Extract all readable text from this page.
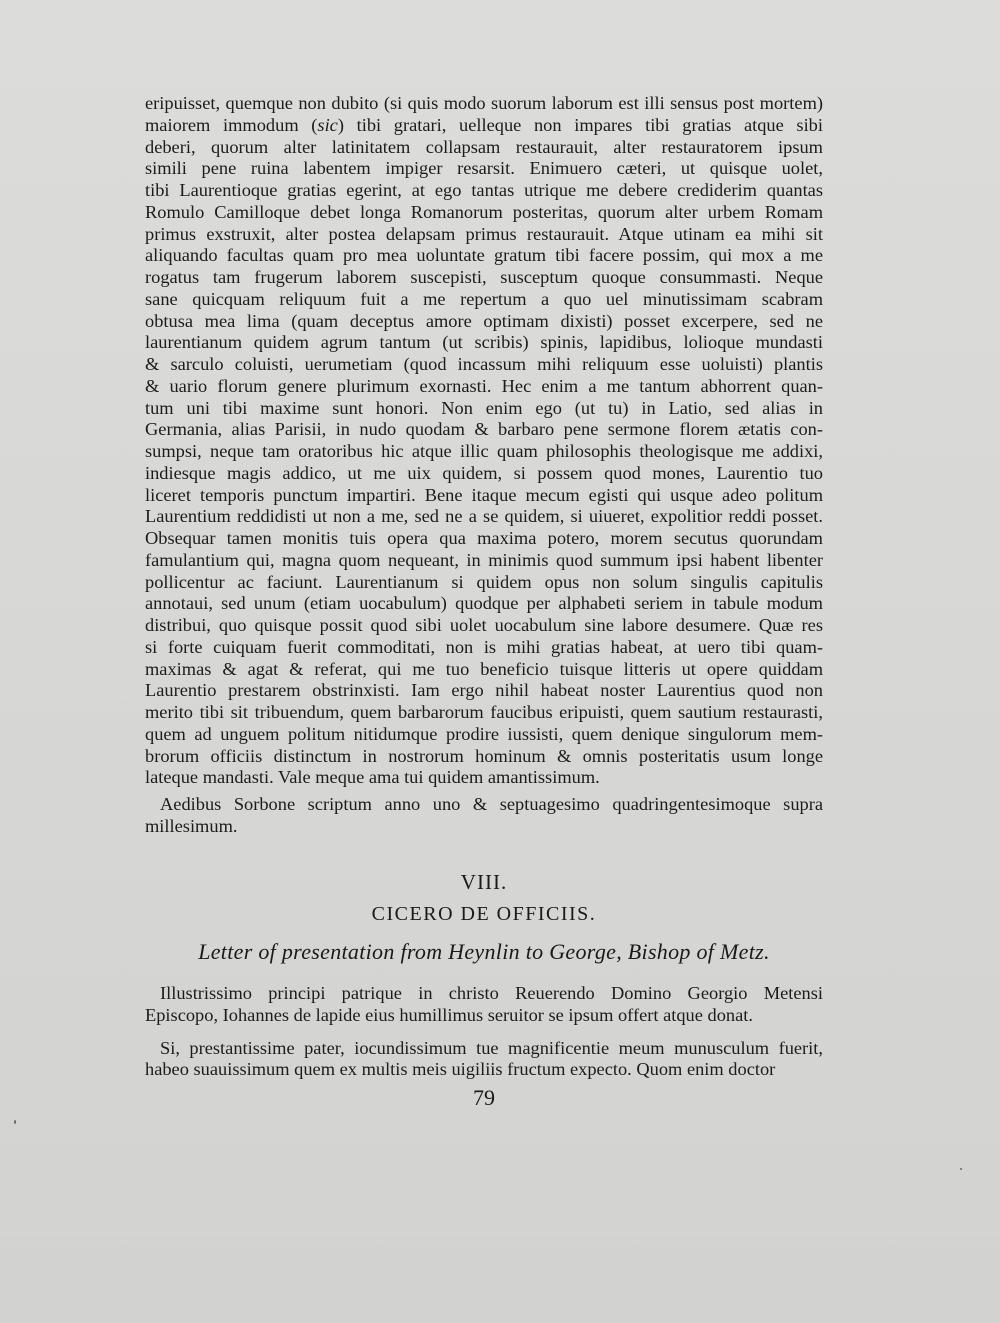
eripuisset, quemque non dubito (si quis modo suorum laborum est illi sensus post mortem)
maiorem immodum (sic) tibi gratari, uelleque non impares tibi gratias atque sibi
deberi, quorum alter latinitatem collapsam restaurauit, alter restauratorem ipsum
simili pene ruina labentem impiger resarsit. Enimuero cæteri, ut quisque uolet,
tibi Laurentioque gratias egerint, at ego tantas utrique me debere crediderim quantas
Romulo Camilloque debet longa Romanorum posteritas, quorum alter urbem Romam
primus exstruxit, alter postea delapsam primus restaurauit. Atque utinam ea mihi sit
aliquando facultas quam pro mea uoluntate gratum tibi facere possim, qui mox a me
rogatus tam frugerum laborem suscepisti, susceptum quoque consummasti. Neque
sane quicquam reliquum fuit a me repertum a quo uel minutissimam scabram
obtusa mea lima (quam deceptus amore optimam dixisti) posset excerpere, sed ne
laurentianum quidem agrum tantum (ut scribis) spinis, lapidibus, lolioque mundasti
& sarculo coluisti, uerumetiam (quod incassum mihi reliquum esse uoluisti) plantis
& uario florum genere plurimum exornasti. Hec enim a me tantum abhorrent quan-
tum uni tibi maxime sunt honori. Non enim ego (ut tu) in Latio, sed alias in
Germania, alias Parisii, in nudo quodam & barbaro pene sermone florem ætatis con-
sumpsi, neque tam oratoribus hic atque illic quam philosophis theologisque me addixi,
indiesque magis addico, ut me uix quidem, si possem quod mones, Laurentio tuo
liceret temporis punctum impartiri. Bene itaque mecum egisti qui usque adeo politum
Laurentium reddidisti ut non a me, sed ne a se quidem, si uiueret, expolitior reddi posset.
Obsequar tamen monitis tuis opera qua maxima potero, morem secutus quorundam
famulantium qui, magna quom nequeant, in minimis quod summum ipsi habent libenter
pollicentur ac faciunt. Laurentianum si quidem opus non solum singulis capitulis
annotaui, sed unum (etiam uocabulum) quodque per alphabeti seriem in tabule modum
distribui, quo quisque possit quod sibi uolet uocabulum sine labore desumere. Quæ res
si forte cuiquam fuerit commoditati, non is mihi gratias habeat, at uero tibi quam-
maximas & agat & referat, qui me tuo beneficio tuisque litteris ut opere quiddam
Laurentio prestarem obstrinxisti. Iam ergo nihil habeat noster Laurentius quod non
merito tibi sit tribuendum, quem barbarorum faucibus eripuisti, quem sautium restaurasti,
quem ad unguem politum nitidumque prodire iussisti, quem denique singulorum mem-
brorum officiis distinctum in nostrorum hominum & omnis posteritatis usum longe
lateque mandasti. Vale meque ama tui quidem amantissimum.
Aedibus Sorbone scriptum anno uno & septuagesimo quadringentesimoque supra
millesimum.
VIII.
CICERO DE OFFICIIS.
Letter of presentation from Heynlin to George, Bishop of Metz.
Illustrissimo principi patrique in christo Reuerendo Domino Georgio Metensi
Episcopo, Iohannes de lapide eius humillimus seruitor se ipsum offert atque donat.
Si, prestantissime pater, iocundissimum tue magnificentie meum munusculum fuerit,
habeo suauissimum quem ex multis meis uigiliis fructum expecto. Quom enim doctor
79
